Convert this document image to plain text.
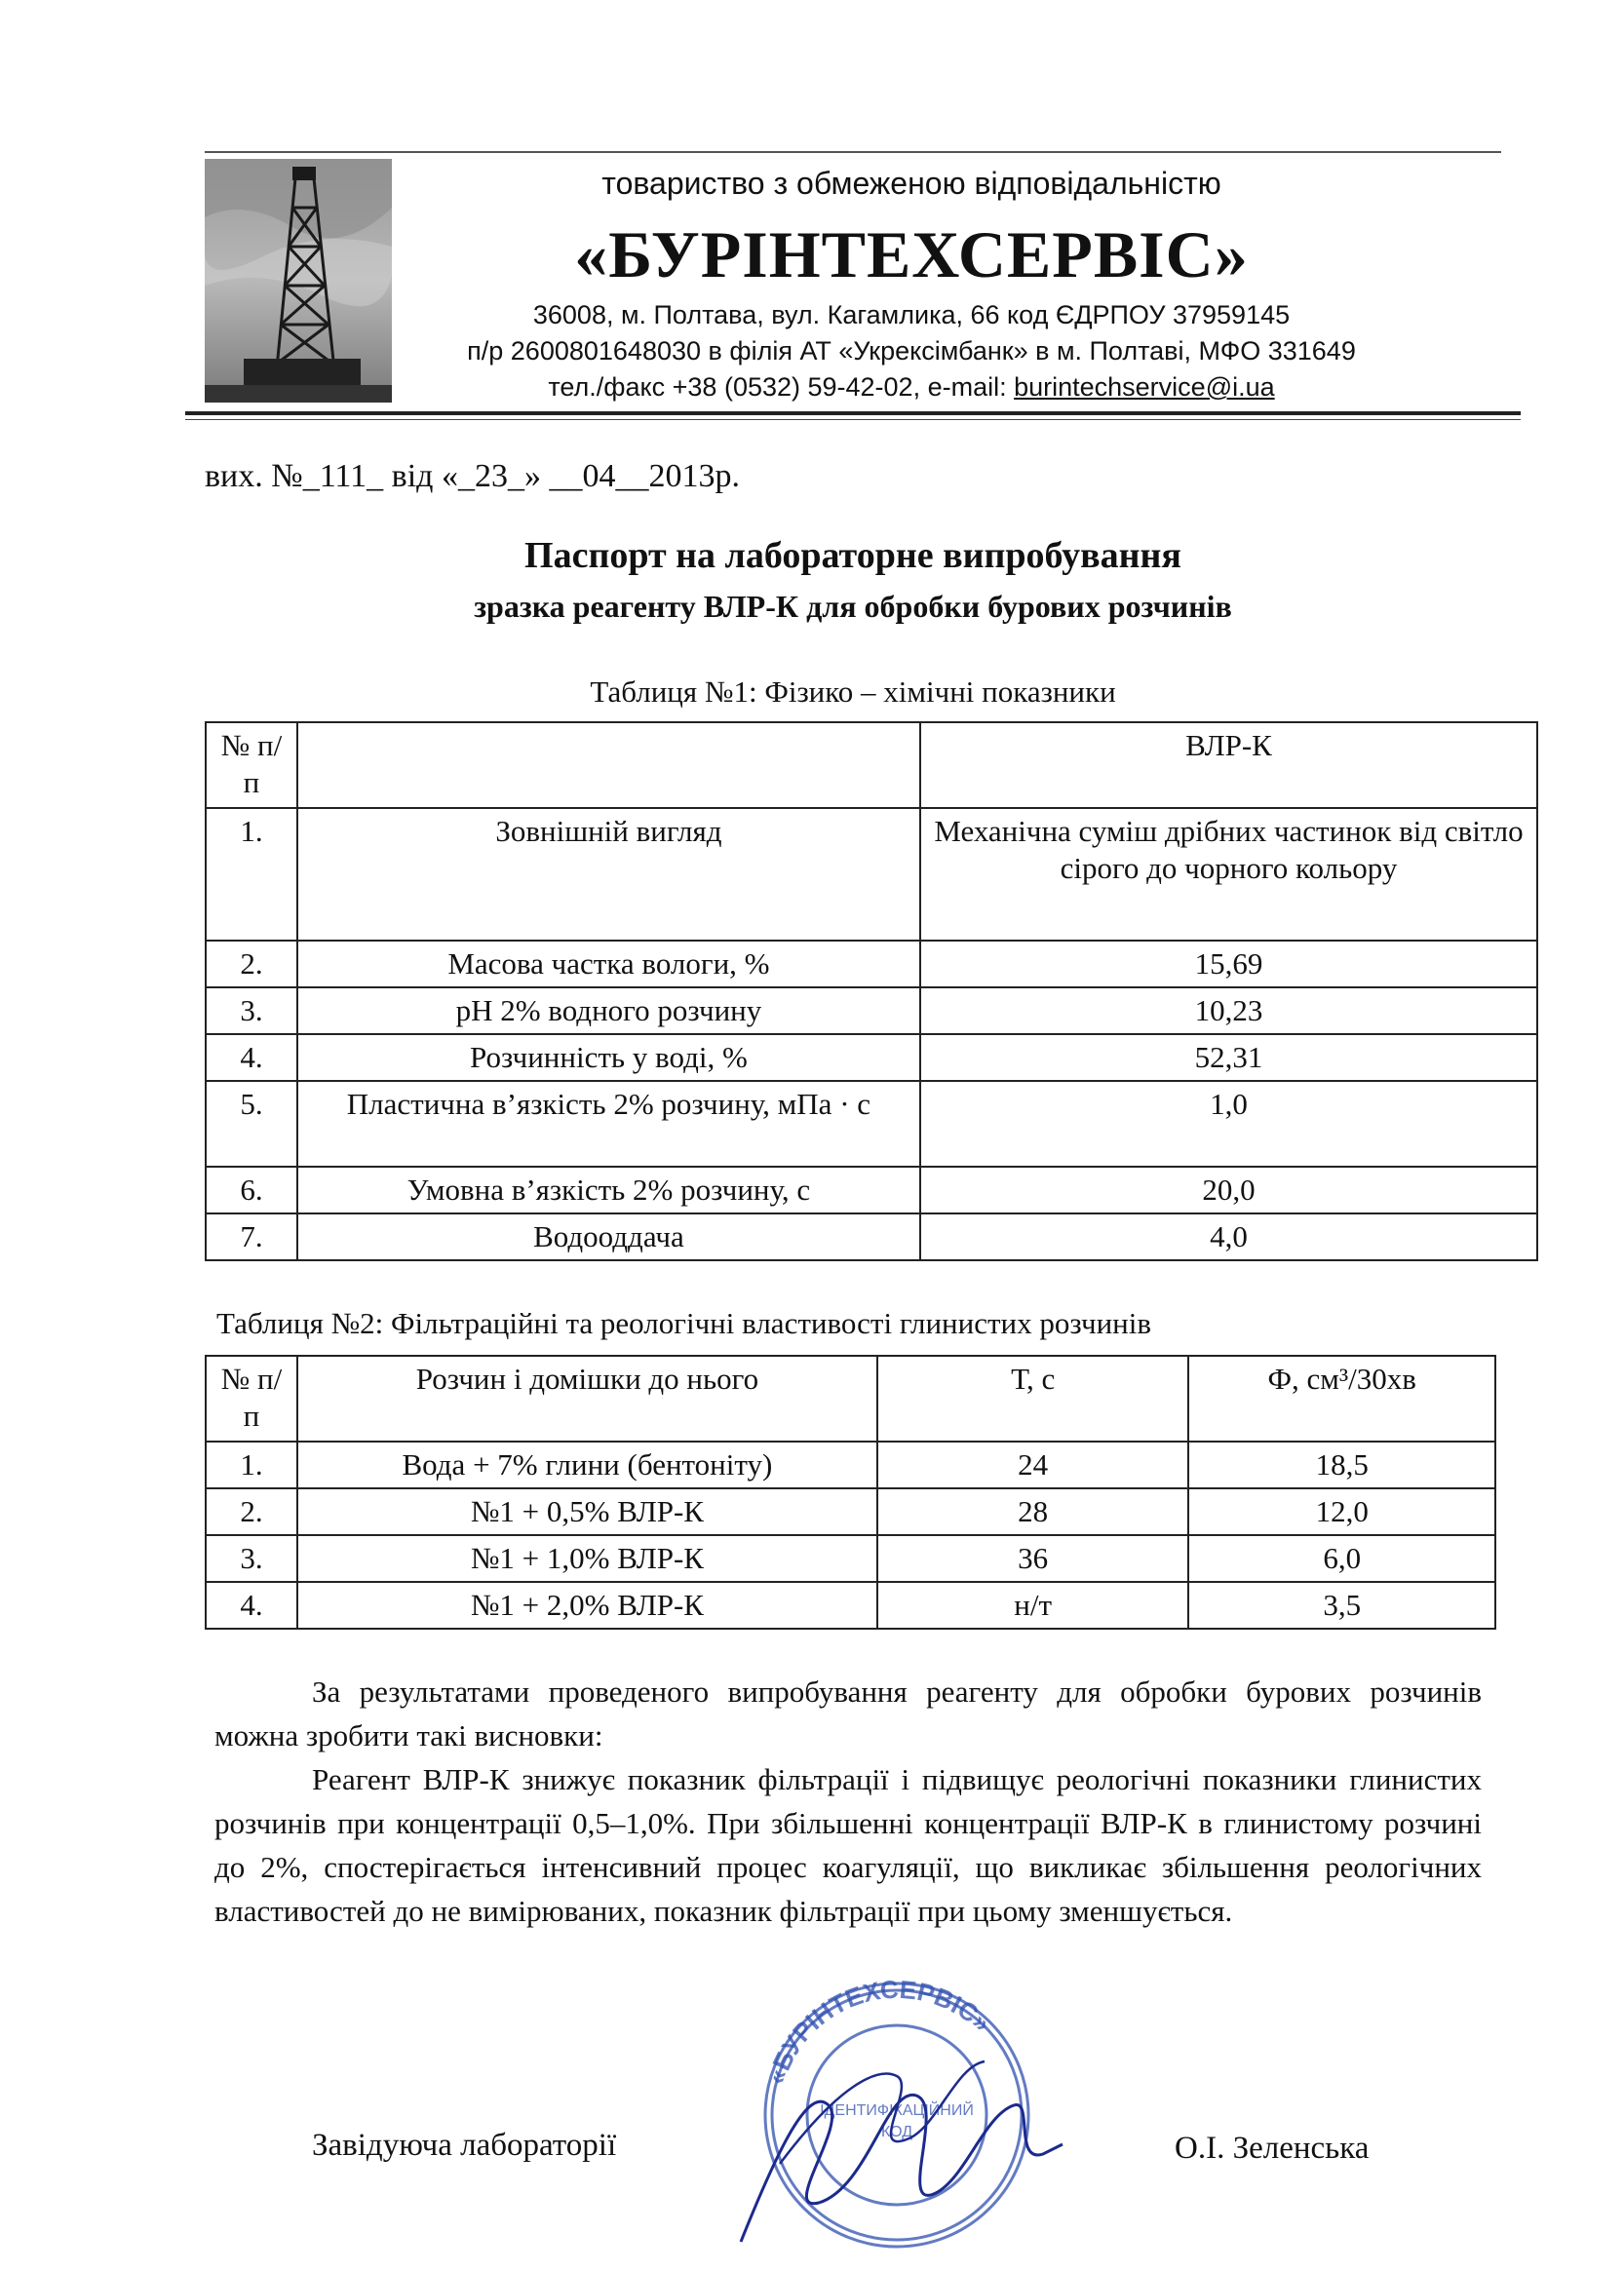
товариство з обмеженою відповідальністю
«БУРІНТЕХСЕРВІС»
36008, м. Полтава, вул. Кагамлика, 66 код ЄДРПОУ 37959145
п/р 2600801648030 в філія АТ «Укрексімбанк» в м. Полтаві, МФО 331649
тел./факс +38 (0532) 59-42-02, e-mail: burintechservice@i.ua
вих. №_111_ від «_23_» __04__2013р.
Паспорт на лабораторне випробування
зразка реагенту ВЛР-К для обробки бурових розчинів
Таблиця №1: Фізико – хімічні показники
№ п/п		ВЛР-К
1.	Зовнішній вигляд	Механічна суміш дрібних частинок від світло сірого до чорного кольору
2.	Масова частка вологи, %	15,69
3.	pH 2% водного розчину	10,23
4.	Розчинність у воді, %	52,31
5.	Пластична в’язкість 2% розчину, мПа · с	1,0
6.	Умовна в’язкість 2% розчину, с	20,0
7.	Водооддача	4,0
Таблиця №2: Фільтраційні та реологічні властивості глинистих розчинів
№ п/п	Розчин і домішки до нього	Т, с	Ф, см³/30хв
1.	Вода + 7% глини (бентоніту)	24	18,5
2.	№1 + 0,5% ВЛР-К	28	12,0
3.	№1 + 1,0% ВЛР-К	36	6,0
4.	№1 + 2,0% ВЛР-К	н/т	3,5
За результатами проведеного випробування реагенту для обробки бурових розчинів можна зробити такі висновки:
Реагент ВЛР-К знижує показник фільтрації і підвищує реологічні показники глинистих розчинів при концентрації 0,5–1,0%. При збільшенні концентрації ВЛР-К в глинистому розчині до 2%, спостерігається інтенсивний процес коагуляції, що викликає збільшення реологічних властивостей до не вимірюваних, показник фільтрації при цьому зменшується.
«БУРІНТЕХСЕРВІС»
ІДЕНТИФІКАЦІЙНИЙ
КОД
Завідуюча лабораторії	О.І. Зеленська
